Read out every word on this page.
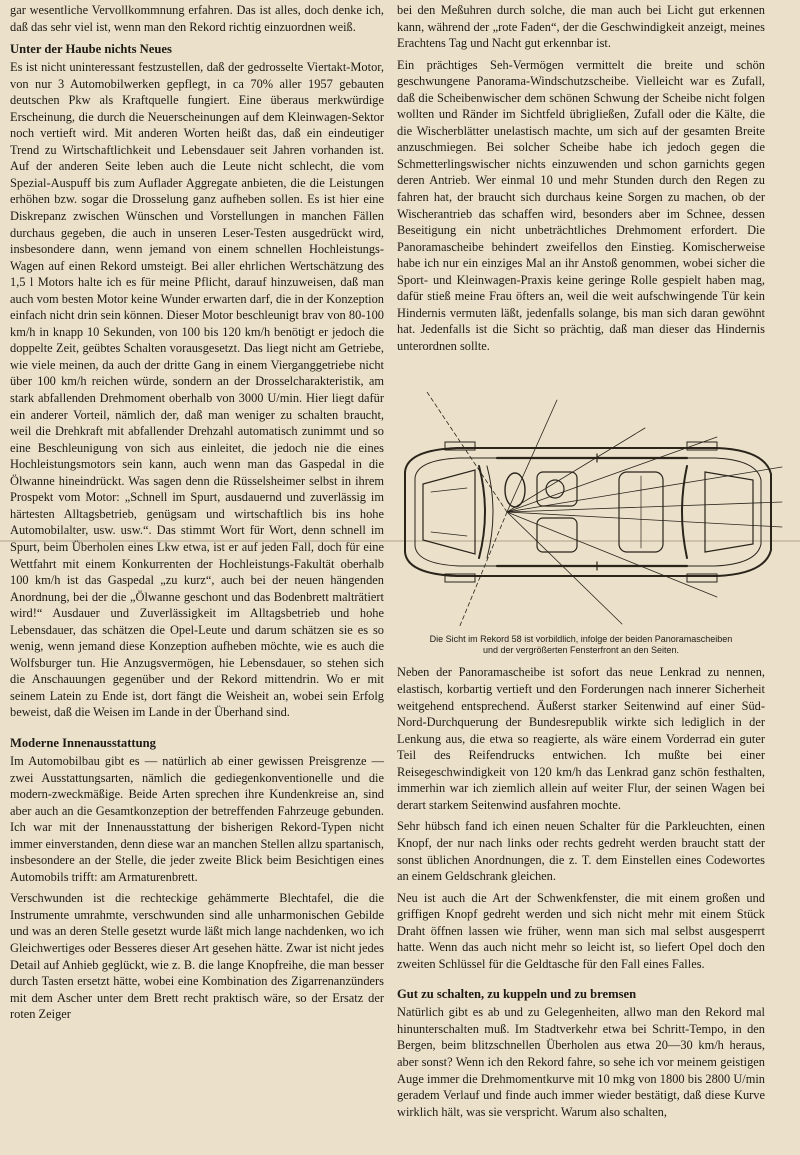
gar wesentliche Vervollkommnung erfahren. Das ist alles, doch denke ich, daß das sehr viel ist, wenn man den Rekord richtig einzuordnen weiß.

Unter der Haube nichts Neues

Es ist nicht uninteressant festzustellen, daß der gedrosselte Viertakt-Motor, von nur 3 Automobilwerken gepflegt, in ca 70% aller 1957 gebauten deutschen Pkw als Kraftquelle fungiert. Eine überaus merkwürdige Erscheinung, die durch die Neuerscheinungen auf dem Kleinwagen-Sektor noch vertieft wird. Mit anderen Worten heißt das, daß ein eindeutiger Trend zu Wirtschaftlichkeit und Lebensdauer seit Jahren vorhanden ist. Auf der anderen Seite leben auch die Leute nicht schlecht, die vom Spezial-Auspuff bis zum Auflader Aggregate anbieten, die die Leistungen erhöhen bzw. sogar die Drosselung ganz aufheben sollen. Es ist hier eine Diskrepanz zwischen Wünschen und Vorstellungen in manchen Fällen durchaus gegeben, die auch in unseren Leser-Testen ausgedrückt wird, insbesondere dann, wenn jemand von einem schnellen Hochleistungs-Wagen auf einen Rekord umsteigt. Bei aller ehrlichen Wertschätzung des 1,5 l Motors halte ich es für meine Pflicht, darauf hinzuweisen, daß man auch vom besten Motor keine Wunder erwarten darf, die in der Konzeption einfach nicht drin sein können. Dieser Motor beschleunigt brav von 80-100 km/h in knapp 10 Sekunden, von 100 bis 120 km/h benötigt er jedoch die doppelte Zeit, geübtes Schalten vorausgesetzt. Das liegt nicht am Getriebe, wie viele meinen, da auch der dritte Gang in einem Vierganggetriebe nicht über 100 km/h reichen würde, sondern an der Drosselcharakteristik, am stark abfallenden Drehmoment oberhalb von 3000 U/min. Hier liegt dafür ein anderer Vorteil, nämlich der, daß man weniger zu schalten braucht, weil die Drehkraft mit abfallender Drehzahl automatisch zunimmt und so eine Beschleunigung von sich aus einleitet, die jedoch nie die eines Hochleistungsmotors sein kann, auch wenn man das Gaspedal in die Ölwanne hineindrückt. Was sagen denn die Rüsselsheimer selbst in ihrem Prospekt vom Motor: „Schnell im Spurt, ausdauernd und zuverlässig im härtesten Alltagsbetrieb, genügsam und wirtschaftlich bis ins hohe Automobilalter, usw. usw.“. Das stimmt Wort für Wort, denn schnell im Spurt, beim Überholen eines Lkw etwa, ist er auf jeden Fall, doch für eine Wettfahrt mit einem Konkurrenten der Hochleistungs-Fakultät oberhalb 100 km/h ist das Gaspedal „zu kurz“, auch bei der neuen hängenden Anordnung, bei der die „Ölwanne geschont und das Bodenbrett malträtiert wird!“ Ausdauer und Zuverlässigkeit im Alltagsbetrieb und hohe Lebensdauer, das schätzen die Opel-Leute und darum schätzen sie es so wenig, wenn jemand diese Konzeption aufheben möchte, wie es auch die Wolfsburger tun. Hie Anzugsvermögen, hie Lebensdauer, so stehen sich die Anschauungen gegenüber und der Rekord mittendrin. Wo er mit seinem Latein zu Ende ist, dort fängt die Weisheit an, wobei sein Erfolg beweist, daß die Weisen im Lande in der Überhand sind.

Moderne Innenausstattung

Im Automobilbau gibt es — natürlich ab einer gewissen Preisgrenze — zwei Ausstattungsarten, nämlich die gediegenkonventionelle und die modern-zweckmäßige. Beide Arten sprechen ihre Kundenkreise an, sind aber auch an die Gesamtkonzeption der betreffenden Fahrzeuge gebunden. Ich war mit der Innenausstattung der bisherigen Rekord-Typen nicht immer einverstanden, denn diese war an manchen Stellen allzu spartanisch, insbesondere an der Stelle, die jeder zweite Blick beim Besichtigen eines Automobils trifft: am Armaturenbrett.

Verschwunden ist die rechteckige gehämmerte Blechtafel, die die Instrumente umrahmte, verschwunden sind alle unharmonischen Gebilde und was an deren Stelle gesetzt wurde läßt mich lange nachdenken, wo ich Gleichwertiges oder Besseres dieser Art gesehen hätte. Zwar ist nicht jedes Detail auf Anhieb geglückt, wie z. B. die lange Knopfreihe, die man besser durch Tasten ersetzt hätte, wobei eine Kombination des Zigarrenanzünders mit dem Ascher unter dem Brett recht praktisch wäre, so der Ersatz der roten Zeiger

bei den Meßuhren durch solche, die man auch bei Licht gut erkennen kann, während der „rote Faden“, der die Geschwindigkeit anzeigt, meines Erachtens Tag und Nacht gut erkennbar ist.

Ein prächtiges Seh-Vermögen vermittelt die breite und schön geschwungene Panorama-Windschutzscheibe. Vielleicht war es Zufall, daß die Scheibenwischer dem schönen Schwung der Scheibe nicht folgen wollten und Ränder im Sichtfeld übrigließen, Zufall oder die Kälte, die die Wischerblätter unelastisch machte, um sich auf der gesamten Breite anzuschmiegen. Bei solcher Scheibe habe ich jedoch gegen die Schmetterlingswischer nichts einzuwenden und schon garnichts gegen deren Antrieb. Wer einmal 10 und mehr Stunden durch den Regen zu fahren hat, der braucht sich durchaus keine Sorgen zu machen, ob der Wischerantrieb das schaffen wird, besonders aber im Schnee, dessen Beseitigung ein nicht unbeträchtliches Drehmoment erfordert. Die Panoramascheibe behindert zweifellos den Einstieg. Komischerweise habe ich nur ein einziges Mal an ihr Anstoß genommen, wobei sicher die Sport- und Kleinwagen-Praxis keine geringe Rolle gespielt haben mag, dafür stieß meine Frau öfters an, weil die weit aufschwingende Tür kein Hindernis vermuten läßt, jedenfalls solange, bis man sich daran gewöhnt hat. Jedenfalls ist die Sicht so prächtig, daß man dieser das Hindernis unterordnen sollte.

Die Sicht im Rekord 58 ist vorbildlich, infolge der beiden Panoramascheiben
und der vergrößerten Fensterfront an den Seiten.

Neben der Panoramascheibe ist sofort das neue Lenkrad zu nennen, elastisch, korbartig vertieft und den Forderungen nach innerer Sicherheit weitgehend entsprechend. Äußerst starker Seitenwind auf einer Süd-Nord-Durchquerung der Bundesrepublik wirkte sich lediglich in der Lenkung aus, die etwa so reagierte, als wäre einem Vorderrad ein guter Teil des Reifendrucks entwichen. Ich mußte bei einer Reisegeschwindigkeit von 120 km/h das Lenkrad ganz schön festhalten, immerhin war ich ziemlich allein auf weiter Flur, der seinen Wagen bei derart starkem Seitenwind ausfahren mochte.

Sehr hübsch fand ich einen neuen Schalter für die Parkleuchten, einen Knopf, der nur nach links oder rechts gedreht werden braucht statt der sonst üblichen Anordnungen, die z. T. dem Einstellen eines Codewortes an einem Geldschrank gleichen.

Neu ist auch die Art der Schwenkfenster, die mit einem großen und griffigen Knopf gedreht werden und sich nicht mehr mit einem Stück Draht öffnen lassen wie früher, wenn man sich mal selbst ausgesperrt hatte. Wenn das auch nicht mehr so leicht ist, so liefert Opel doch den zweiten Schlüssel für die Geldtasche für den Fall eines Falles.

Gut zu schalten, zu kuppeln und zu bremsen

Natürlich gibt es ab und zu Gelegenheiten, allwo man den Rekord mal hinunterschalten muß. Im Stadtverkehr etwa bei Schritt-Tempo, in den Bergen, beim blitzschnellen Überholen aus etwa 20—30 km/h heraus, aber sonst? Wenn ich den Rekord fahre, so sehe ich vor meinem geistigen Auge immer die Drehmomentkurve mit 10 mkg von 1800 bis 2800 U/min geradem Verlauf und finde auch immer wieder bestätigt, daß diese Kurve wirklich hält, was sie verspricht. Warum also schalten,
